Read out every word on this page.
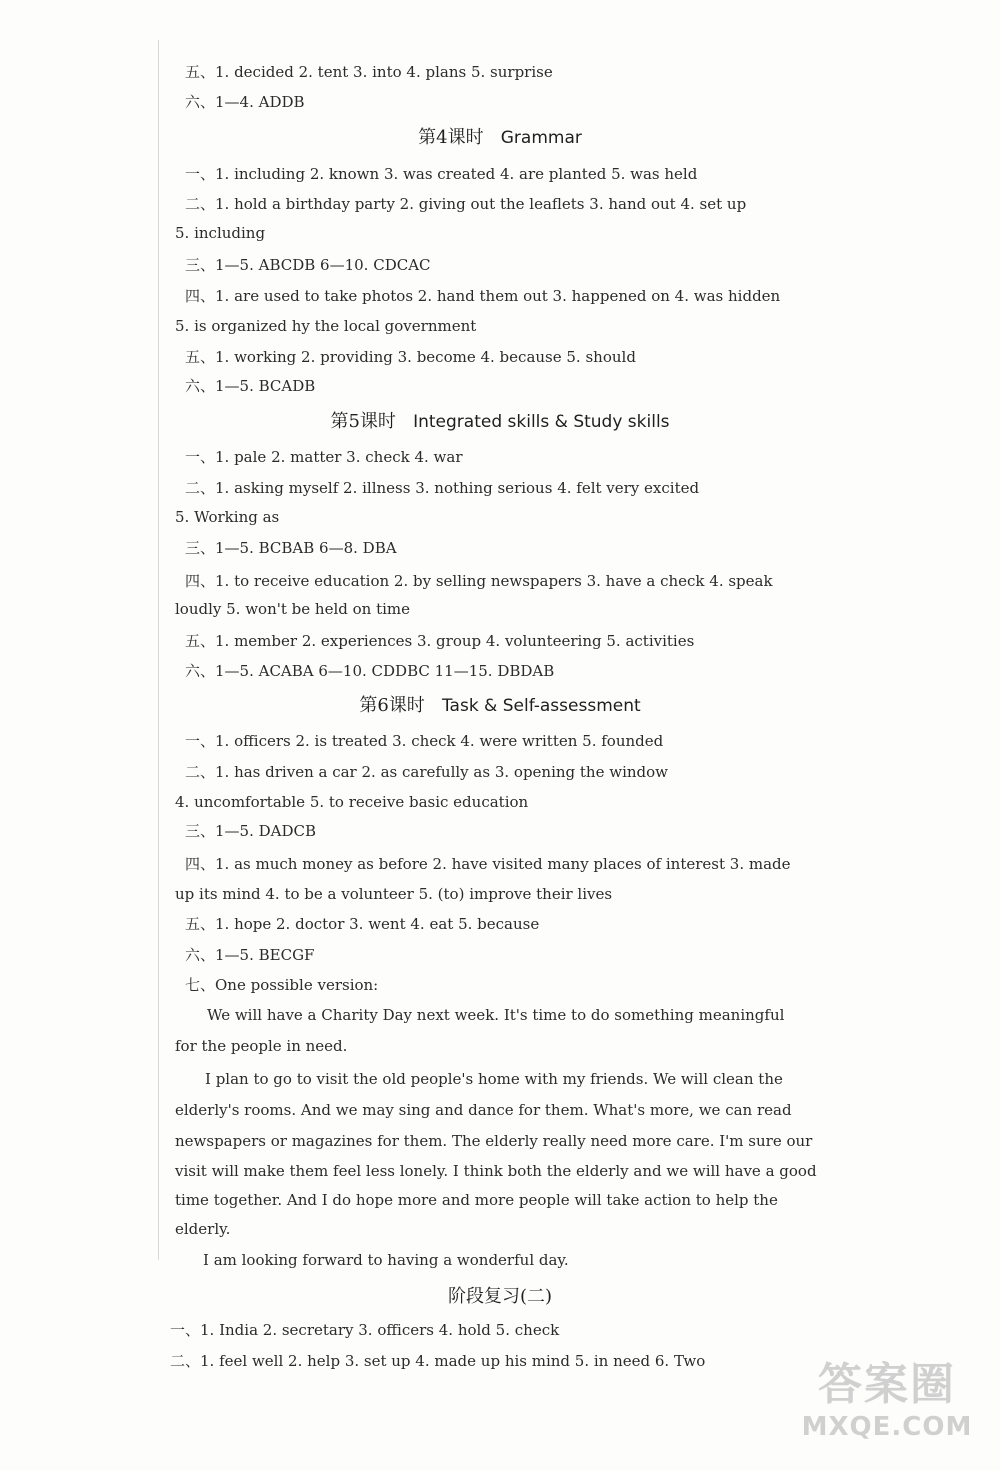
五、1. decided 2. tent 3. into 4. plans 5. surprise
六、1—4. ADDB
第4课时 Grammar
一、1. including 2. known 3. was created 4. are planted 5. was held
二、1. hold a birthday party 2. giving out the leaflets 3. hand out 4. set up
5. including
三、1—5. ABCDB 6—10. CDCAC
四、1. are used to take photos 2. hand them out 3. happened on 4. was hidden
5. is organized hy the local government
五、1. working 2. providing 3. become 4. because 5. should
六、1—5. BCADB
第5课时 Integrated skills & Study skills
一、1. pale 2. matter 3. check 4. war
二、1. asking myself 2. illness 3. nothing serious 4. felt very excited
5. Working as
三、1—5. BCBAB 6—8. DBA
四、1. to receive education 2. by selling newspapers 3. have a check 4. speak
loudly 5. won't be held on time
五、1. member 2. experiences 3. group 4. volunteering 5. activities
六、1—5. ACABA 6—10. CDDBC 11—15. DBDAB
第6课时 Task & Self-assessment
一、1. officers 2. is treated 3. check 4. were written 5. founded
二、1. has driven a car 2. as carefully as 3. opening the window
4. uncomfortable 5. to receive basic education
三、1—5. DADCB
四、1. as much money as before 2. have visited many places of interest 3. made
up its mind 4. to be a volunteer 5. (to) improve their lives
五、1. hope 2. doctor 3. went 4. eat 5. because
六、1—5. BECGF
七、One possible version:
We will have a Charity Day next week. It's time to do something meaningful
for the people in need.
I plan to go to visit the old people's home with my friends. We will clean the
elderly's rooms. And we may sing and dance for them. What's more, we can read
newspapers or magazines for them. The elderly really need more care. I'm sure our
visit will make them feel less lonely. I think both the elderly and we will have a good
time together. And I do hope more and more people will take action to help the
elderly.
I am looking forward to having a wonderful day.
阶段复习(二)
一、1. India 2. secretary 3. officers 4. hold 5. check
二、1. feel well 2. help 3. set up 4. made up his mind 5. in need 6. Two	答案圈
MXQE.COM
